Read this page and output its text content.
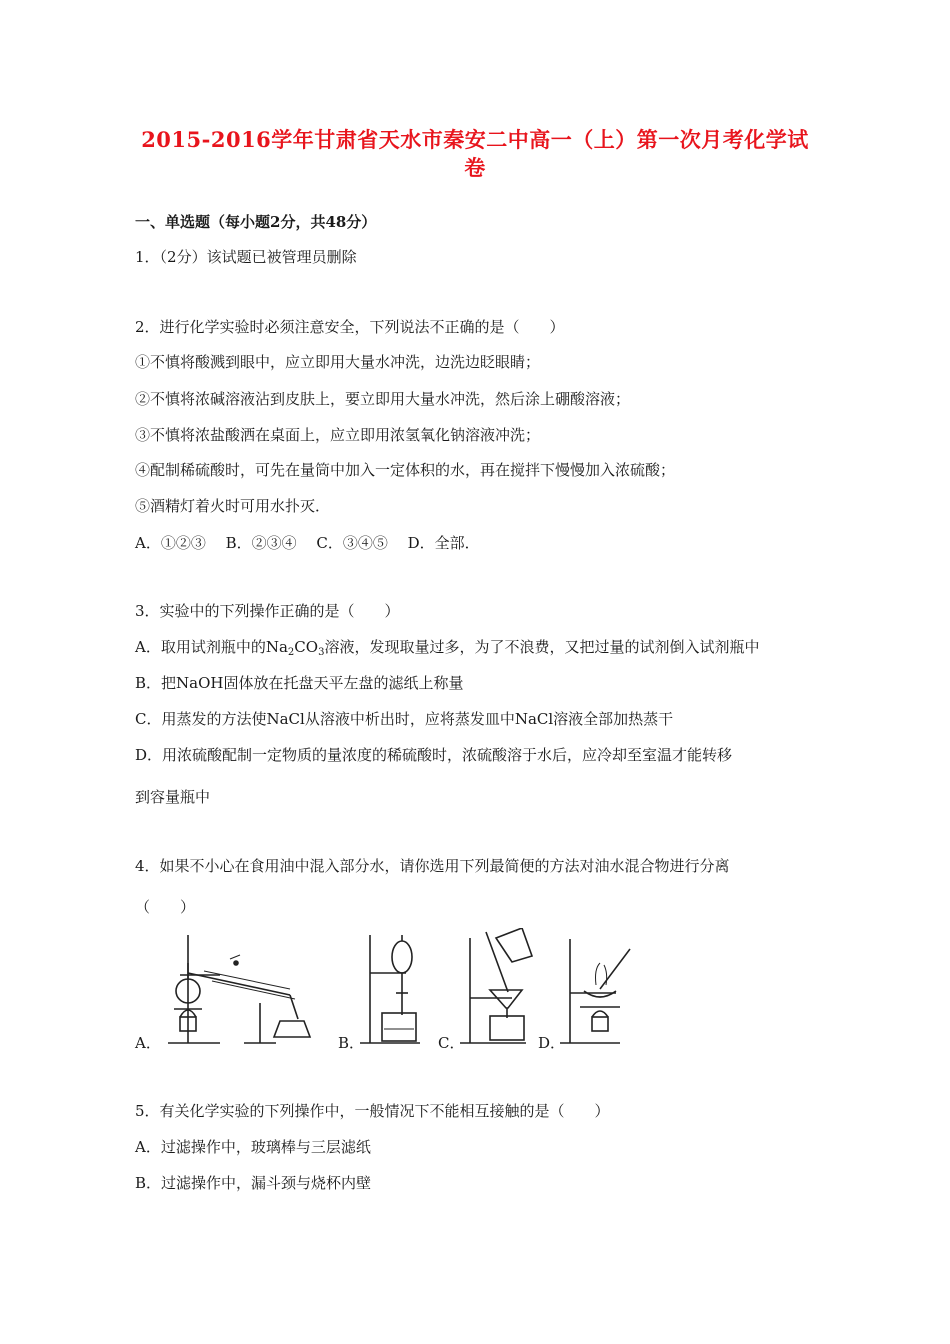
2015-2016学年甘肃省天水市秦安二中高一（上）第一次月考化学试
卷
一、单选题（每小题2分，共48分）
1．（2分）该试题已被管理员删除
2．进行化学实验时必须注意安全，下列说法不正确的是（　　）
①不慎将酸溅到眼中，应立即用大量水冲洗，边洗边眨眼睛；
②不慎将浓碱溶液沾到皮肤上，要立即用大量水冲洗，然后涂上硼酸溶液；
③不慎将浓盐酸洒在桌面上，应立即用浓氢氧化钠溶液冲洗；
④配制稀硫酸时，可先在量筒中加入一定体积的水，再在搅拌下慢慢加入浓硫酸；
⑤酒精灯着火时可用水扑灭．
A．①②③　 B．②③④　 C．③④⑤　 D．全部．
3．实验中的下列操作正确的是（　　）
A．取用试剂瓶中的$Na_2CO_3$溶液，发现取量过多，为了不浪费，又把过量的试剂倒入试剂瓶中
B．把NaOH固体放在托盘天平左盘的滤纸上称量
C．用蒸发的方法使NaCl从溶液中析出时，应将蒸发皿中NaCl溶液全部加热蒸干
D．用浓硫酸配制一定物质的量浓度的稀硫酸时，浓硫酸溶于水后，应冷却至室温才能转移
到容量瓶中
4．如果不小心在食用油中混入部分水，请你选用下列最简便的方法对油水混合物进行分离
（　　）
A．	B．	C．	D．
5．有关化学实验的下列操作中，一般情况下不能相互接触的是（　　）
A．过滤操作中，玻璃棒与三层滤纸
B．过滤操作中，漏斗颈与烧杯内壁
